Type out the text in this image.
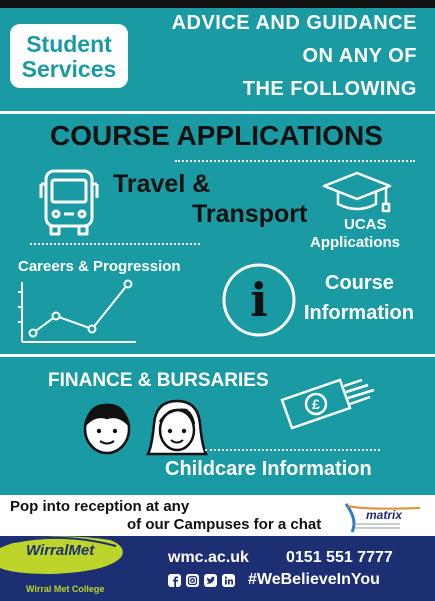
Student
Services
ADVICE AND GUIDANCE
ON ANY OF
THE FOLLOWING
COURSE APPLICATIONS
Travel &
Transport UCAS
Applications
Careers & Progression
i	Course
Information
FINANCE & BURSARIES
£
Childcare Information
Pop into reception at any
of our Campuses for a chat
matrix
WirralMet
Wirral Met College
wmc.ac.uk 0151 551 7777
#WeBelieveInYou
